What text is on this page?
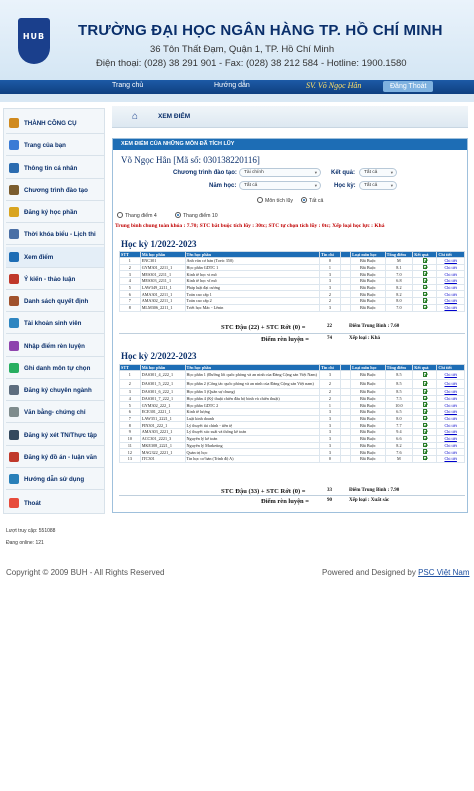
HUB	TRƯỜNG ĐẠI HỌC NGÂN HÀNG TP. HỒ CHÍ MINH
36 Tôn Thất Đạm, Quận 1, TP. Hồ Chí Minh
Điện thoại: (028) 38 291 901 - Fax: (028) 38 212 584 - Hotline: 1900.1580
Trang chủ	Hướng dẫn	SV. Võ Ngọc Hân	Đăng Thoát
THÀNH CÔNG CỤ
Trang của bạn
Thông tin cá nhân
Chương trình đào tạo
Đăng ký học phần
Thời khóa biểu - Lịch thi
Xem điểm
Ý kiến - thảo luận
Danh sách quyết định
Tài khoản sinh viên
Nhập điểm rèn luyện
Ghi danh môn tự chọn
Đăng ký chuyên ngành
Văn bằng- chứng chỉ
Đăng ký xét TN/Thực tập
Đăng ký đồ án - luận văn
Hướng dẫn sử dụng
Thoát
⌂	XEM ĐIỂM
XEM ĐIỂM CỦA NHỮNG MÔN ĐÃ TÍCH LŨY
Võ Ngọc Hân [Mã số: 030138220116]
Chương trình đào tạo:	Tài chính	▾ Kết quả:	Tất cả	▾
Năm học:	Tất cả	▾	Học kỳ:	Tất cả	▾
Môn tích lũy	Tất cả
Thang điểm 4	Thang điểm 10
Trung bình chung toàn khóa : 7.70; STC bắt buộc tích lũy : 30tc; STC tự chọn tích lũy : 0tc; Xếp loại học lực : Khá
Học kỳ 1/2022-2023
STT	Mã học phần	Tên học phần	Tín chỉ		Loại môn học	Tổng điểm	Kết quả	Chi tiết
1	ENC301	Anh văn cơ bản (Toeic 350)	0		Bắt Buộc	M		Chi tiết
2	GYM301_2211_1	Học phần GDTC 1	1		Bắt Buộc	8.1		Chi tiết
3	MES301_2211_1	Kinh tế học vi mô	3		Bắt Buộc	7.0		Chi tiết
4	MES303_2211_1	Kinh tế học vĩ mô	3		Bắt Buộc	6.8		Chi tiết
5	LAW349_2211_1	Pháp luật đại cương	3		Bắt Buộc	8.2		Chi tiết
6	AMA301_2211_1	Toán cao cấp 1	2		Bắt Buộc	8.2		Chi tiết
7	AMA302_2211_1	Toán cao cấp 2	2		Bắt Buộc	8.0		Chi tiết
8	MLM306_2211_1	Triết học Mác - Lênin	3		Bắt Buộc	7.0		Chi tiết
Học kỳ 2/2022-2023
STT	Mã học phần	Tên học phần	Tín chỉ		Loại môn học	Tổng điểm	Kết quả	Chi tiết
1	DAS301_4_222_1	Học phần 1 (Đường lối quốc phòng và an ninh của Đảng Cộng sản Việt Nam)	3		Bắt Buộc	8.5		Chi tiết
2	DAS301_5_222_1	Học phần 2 (Công tác quốc phòng và an ninh của Đảng Cộng sản Việt nam)	2		Bắt Buộc	8.5		Chi tiết
3	DAS301_6_222_1	Học phần 3 (Quân sự chung)	2		Bắt Buộc	8.5		Chi tiết
4	DAS301_7_222_1	Học phần 4 (Kỹ thuật chiến đấu bộ binh và chiến thuật)	2		Bắt Buộc	7.5		Chi tiết
5	GYM302_222_1	Học phần GDTC 2	1		Bắt Buộc	10.0		Chi tiết
6	ECE301_2221_1	Kinh tế lượng	3		Bắt Buộc	6.5		Chi tiết
7	LAW351_2221_1	Luật kinh doanh	3		Bắt Buộc	8.0		Chi tiết
8	FIN301_222_1	Lý thuyết tài chính - tiền tệ	3		Bắt Buộc	7.7		Chi tiết
9	AMA303_2221_1	Lý thuyết xác suất và thống kê toán	3		Bắt Buộc	9.4		Chi tiết
10	ACC301_2221_3	Nguyên lý kế toán	3		Bắt Buộc	6.6		Chi tiết
11	MKE308_2221_1	Nguyên lý Marketing	3		Bắt Buộc	8.2		Chi tiết
12	MAG322_2221_1	Quản trị học	3		Bắt Buộc	7.6		Chi tiết
13	ITC301	Tin học cơ bản (Trình độ A)	0		Bắt Buộc	M		Chi tiết
STC Đậu (22) + STC Rớt (0) =	22	Điểm Trung Bình : 7.60
Điểm rèn luyện =	74	Xếp loại : Khá
STC Đậu (33) + STC Rớt (0) =	33	Điểm Trung Bình : 7.90
Điểm rèn luyện =	90	Xếp loại : Xuất sắc
Copyright © 2009 BUH - All Rights Reserved	Powered and Designed by PSC Việt Nam
Lượt truy cập: 551088
Đang online: 121
